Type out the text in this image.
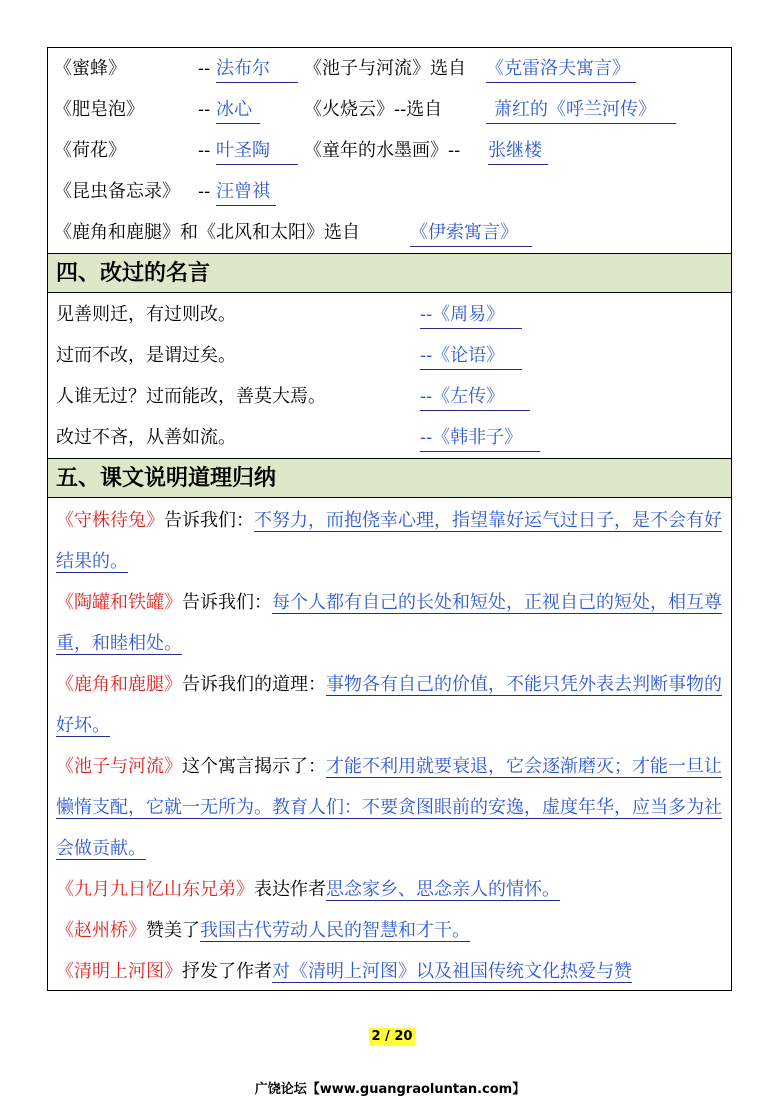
《蜜蜂》	-- 法布尔	《池子与河流》选自 《克雷洛夫寓言》
《肥皂泡》	-- 冰心	《火烧云》--选自	萧红的《呼兰河传》
《荷花》	-- 叶圣陶	《童年的水墨画》-- 张继楼
《昆虫备忘录》 -- 汪曾祺
《鹿角和鹿腿》和《北风和太阳》选自	《伊索寓言》
四、改过的名言
见善则迁，有过则改。	--《周易》
过而不改，是谓过矣。	--《论语》
人谁无过？过而能改，善莫大焉。	--《左传》
改过不吝，从善如流。	--《韩非子》
五、课文说明道理归纳
《守株待兔》告诉我们：不努力，而抱侥幸心理，指望靠好运气过日子，是不会有好结果的。
《陶罐和铁罐》告诉我们：每个人都有自己的长处和短处，正视自己的短处，相互尊重，和睦相处。
《鹿角和鹿腿》告诉我们的道理：事物各有自己的价值，不能只凭外表去判断事物的好坏。
《池子与河流》这个寓言揭示了：才能不利用就要衰退，它会逐渐磨灭；才能一旦让懒惰支配，它就一无所为。教育人们：不要贪图眼前的安逸，虚度年华，应当多为社会做贡献。
《九月九日忆山东兄弟》表达作者思念家乡、思念亲人的情怀。
《赵州桥》赞美了我国古代劳动人民的智慧和才干。
《清明上河图》抒发了作者对《清明上河图》以及祖国传统文化热爱与赞
2 / 20
广饶论坛【www.guangraoluntan.com】
